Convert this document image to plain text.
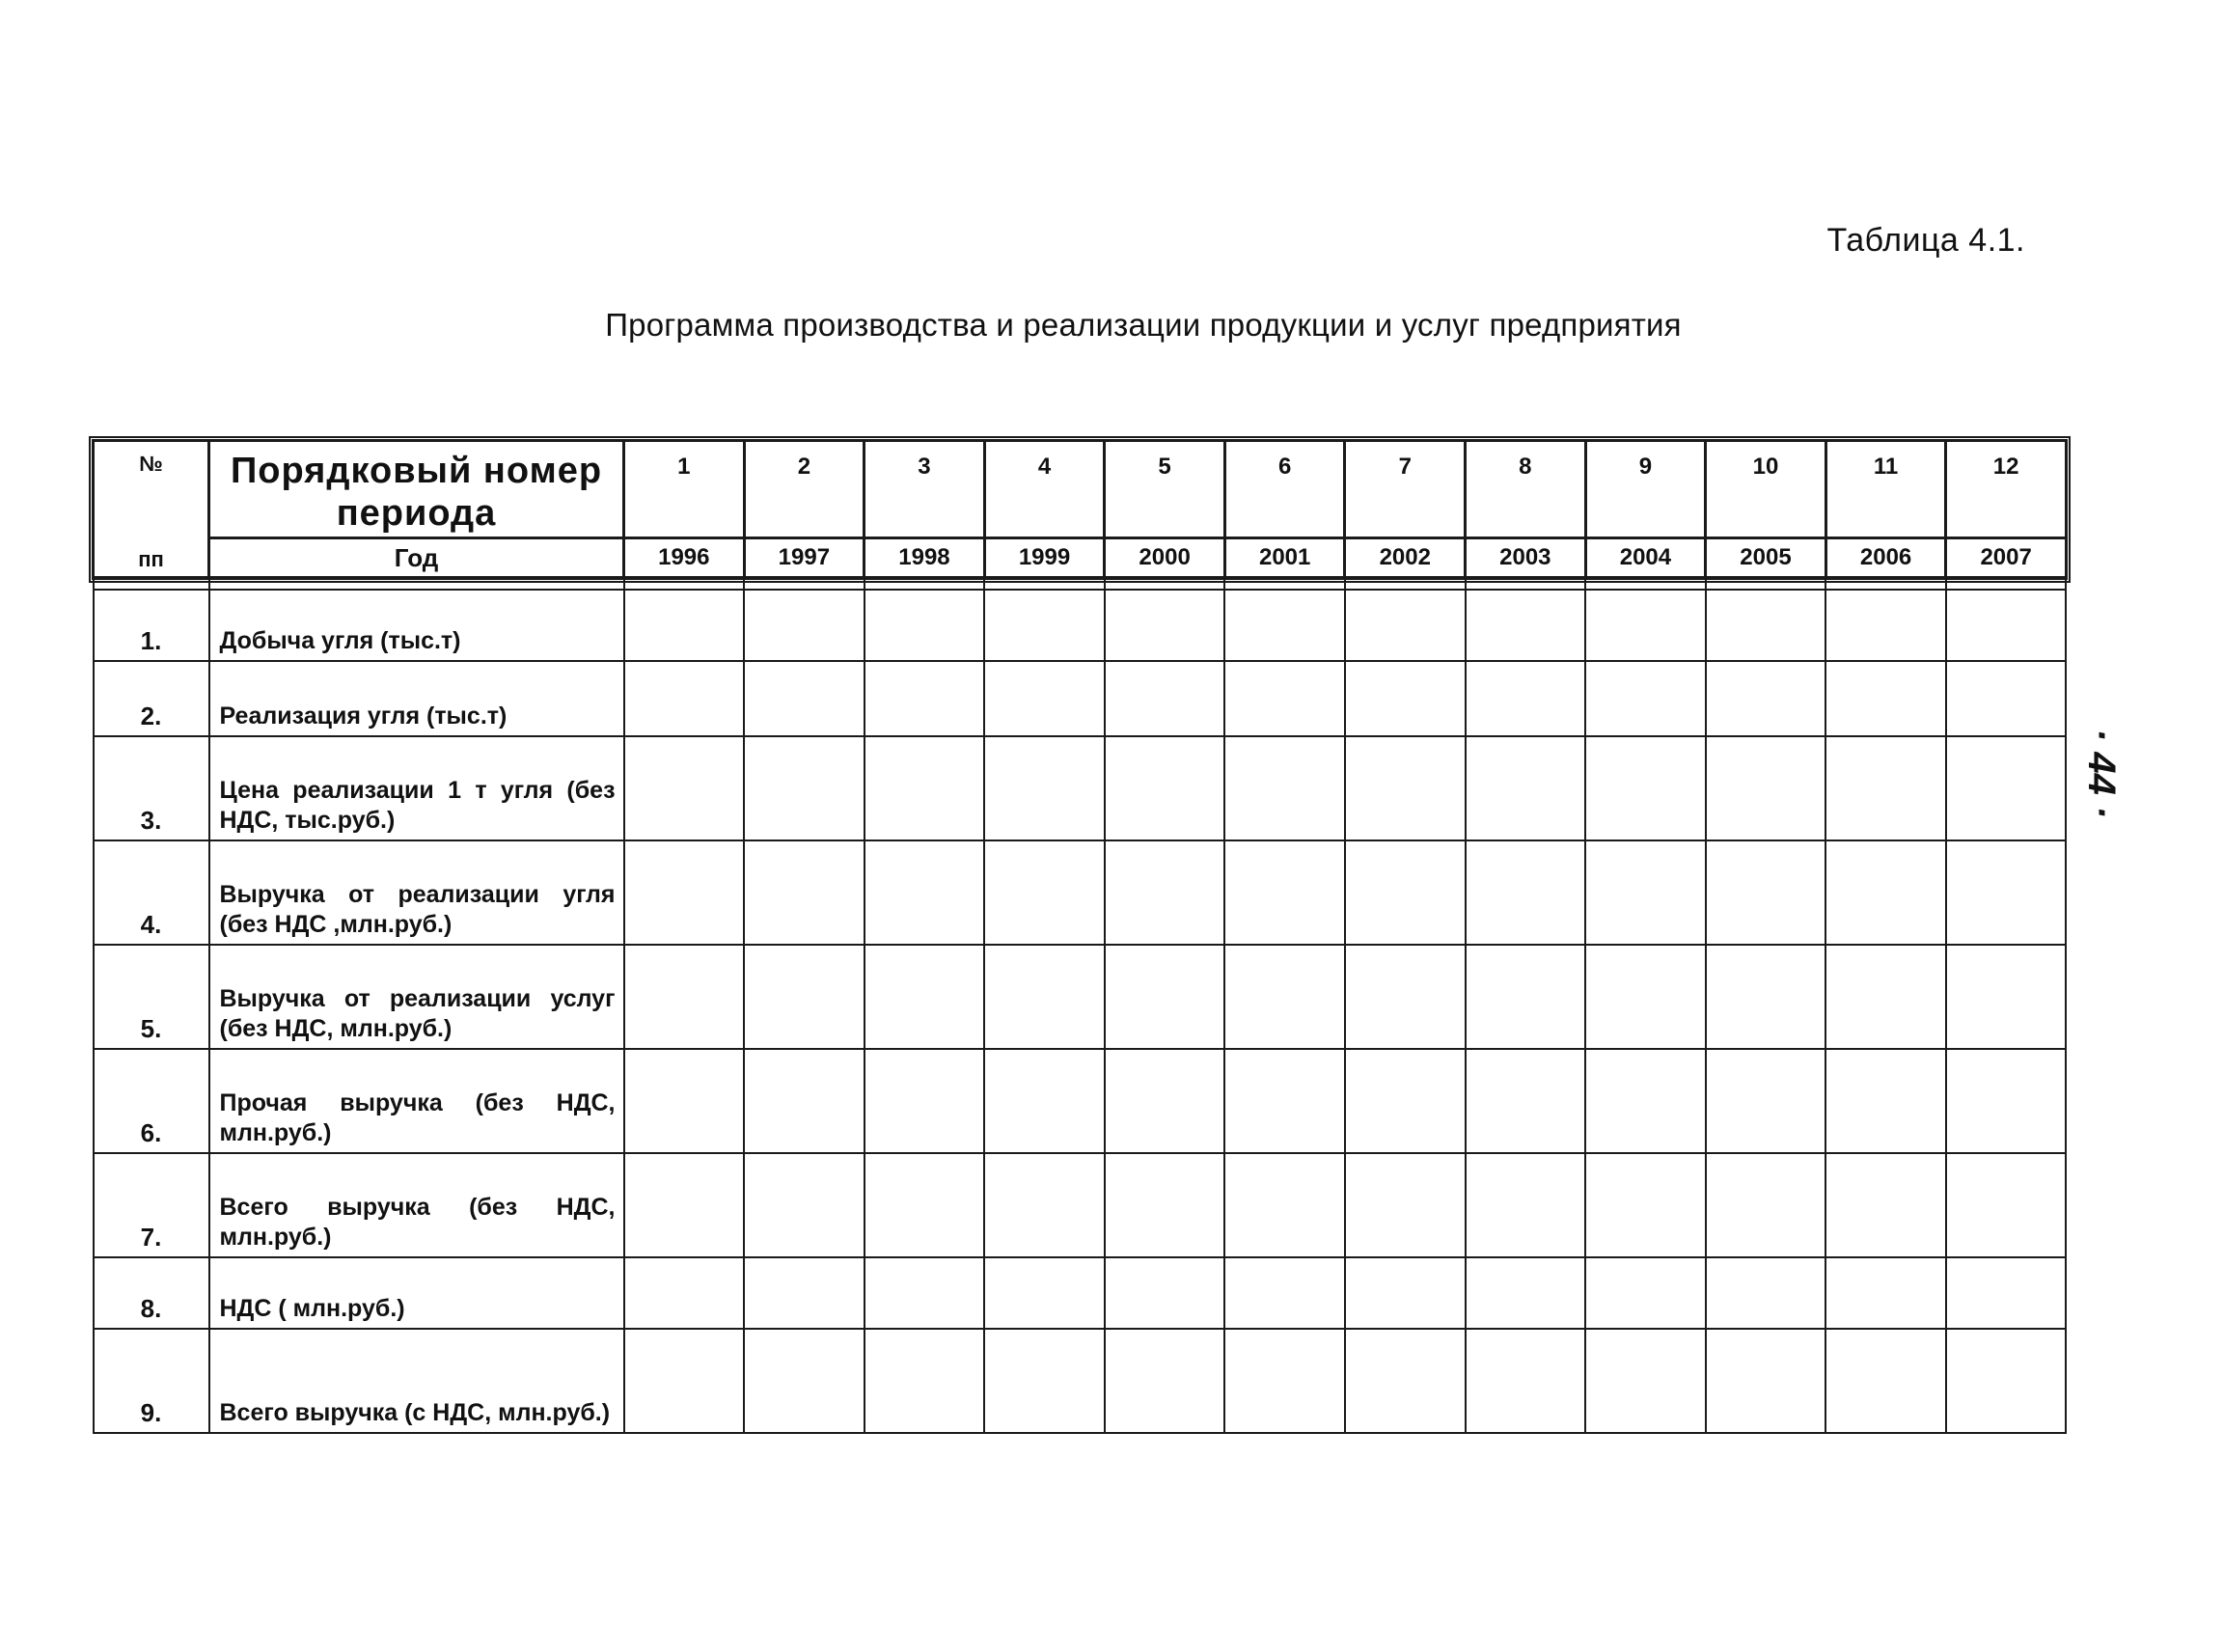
Таблица 4.1.
Программа производства и реализации продукции и услуг предприятия
· 44 ·
№
пп	Порядковый номер периода	1	2	3	4	5	6	7	8	9	10	11	12
	Год	1996	1997	1998	1999	2000	2001	2002	2003	2004	2005	2006	2007

1.	Добыча угля (тыс.т)												
2.	Реализация угля (тыс.т)												
3.	Цена реализации 1 т угля (без НДС, тыс.руб.)												
4.	Выручка от реализации угля (без НДС ,млн.руб.)												
5.	Выручка от реализации услуг (без НДС, млн.руб.)												
6.	Прочая выручка (без НДС, млн.руб.)												
7.	Всего выручка (без НДС, млн.руб.)												
8.	НДС ( млн.руб.)												
9.	Всего выручка (с НДС, млн.руб.)												
